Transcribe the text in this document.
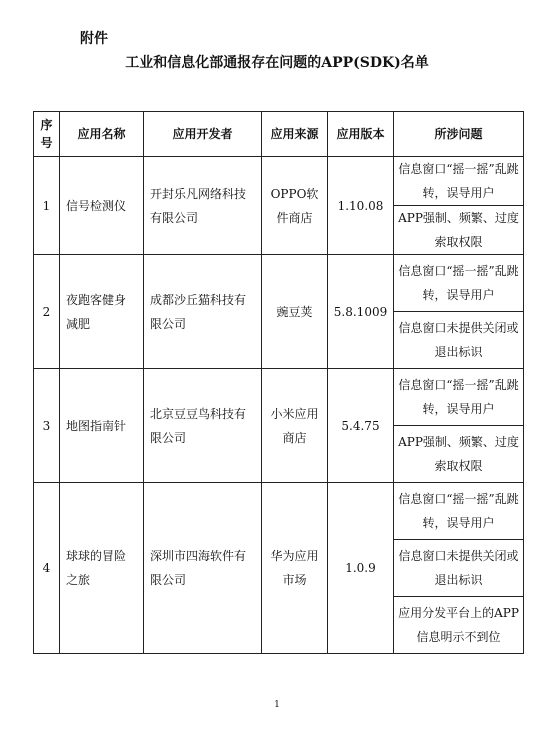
附件
工业和信息化部通报存在问题的APP(SDK)名单
序号	应用名称	应用开发者	应用来源	应用版本	所涉问题
1	信号检测仪	开封乐凡网络科技有限公司	OPPO软件商店	1.10.08	信息窗口“摇一摇”乱跳转，误导用户
					APP强制、频繁、过度索取权限
2	夜跑客健身减肥	成都沙丘猫科技有限公司	豌豆荚	5.8.1009	信息窗口“摇一摇”乱跳转，误导用户
					信息窗口未提供关闭或退出标识
3	地图指南针	北京豆豆鸟科技有限公司	小米应用商店	5.4.75	信息窗口“摇一摇”乱跳转，误导用户
					APP强制、频繁、过度索取权限
4	球球的冒险之旅	深圳市四海软件有限公司	华为应用市场	1.0.9	信息窗口“摇一摇”乱跳转，误导用户
					信息窗口未提供关闭或退出标识
					应用分发平台上的APP信息明示不到位
1
